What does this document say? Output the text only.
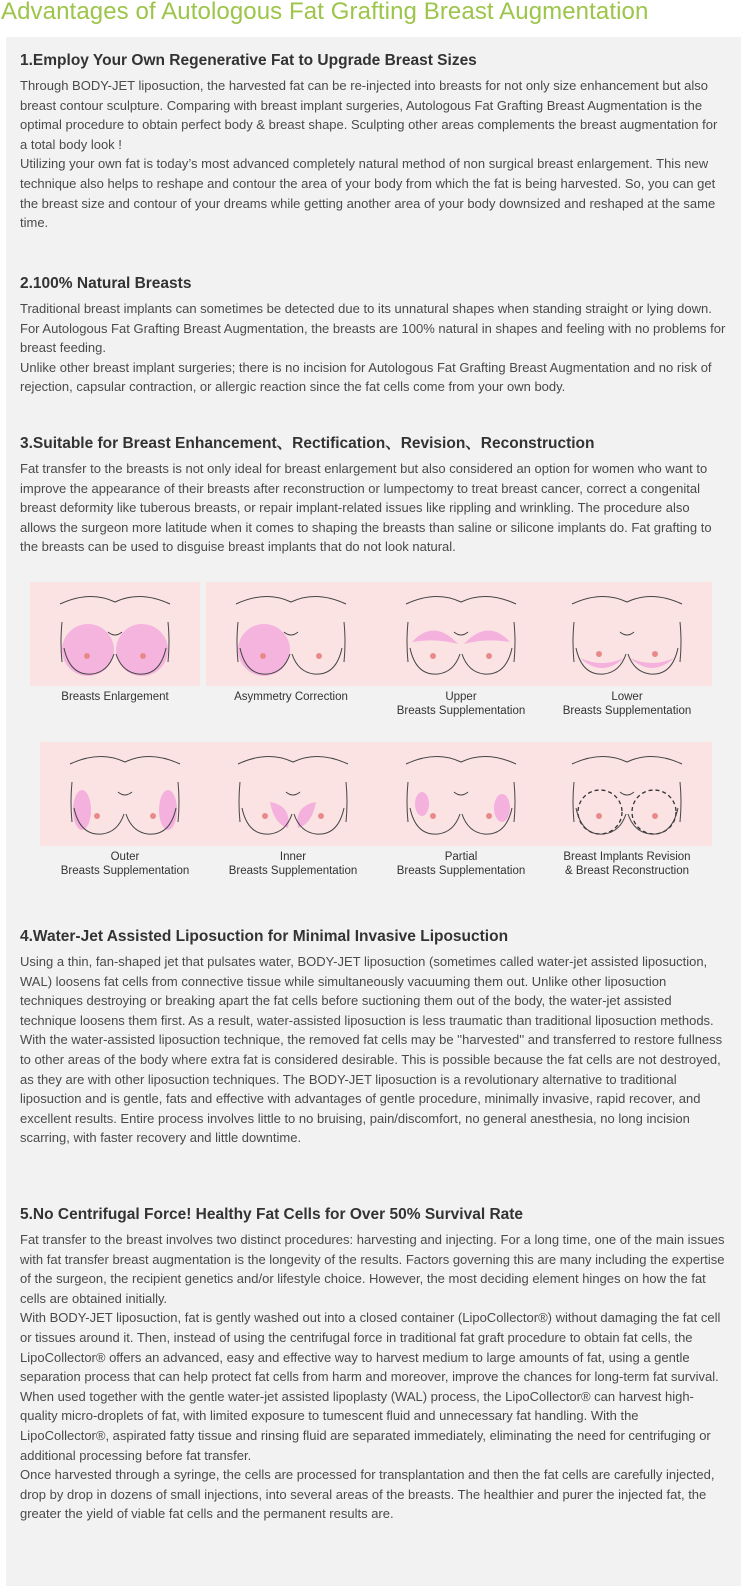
Advantages of Autologous Fat Grafting Breast Augmentation
1.Employ Your Own Regenerative Fat to Upgrade Breast Sizes

Through BODY-JET liposuction, the harvested fat can be re-injected into breasts for not only size enhancement but also breast contour sculpture. Comparing with breast implant surgeries, Autologous Fat Grafting Breast Augmentation is the optimal procedure to obtain perfect body & breast shape. Sculpting other areas complements the breast augmentation for a total body look !

Utilizing your own fat is today’s most advanced completely natural method of non surgical breast enlargement. This new technique also helps to reshape and contour the area of your body from which the fat is being harvested. So, you can get the breast size and contour of your dreams while getting another area of your body downsized and reshaped at the same time.

2.100% Natural Breasts

Traditional breast implants can sometimes be detected due to its unnatural shapes when standing straight or lying down. For Autologous Fat Grafting Breast Augmentation, the breasts are 100% natural in shapes and feeling with no problems for breast feeding.

Unlike other breast implant surgeries; there is no incision for Autologous Fat Grafting Breast Augmentation and no risk of rejection, capsular contraction, or allergic reaction since the fat cells come from your own body.

3.Suitable for Breast Enhancement、Rectification、Revision、Reconstruction

Fat transfer to the breasts is not only ideal for breast enlargement but also considered an option for women who want to improve the appearance of their breasts after reconstruction or lumpectomy to treat breast cancer, correct a congenital breast deformity like tuberous breasts, or repair implant-related issues like rippling and wrinkling. The procedure also allows the surgeon more latitude when it comes to shaping the breasts than saline or silicone implants do. Fat grafting to the breasts can be used to disguise breast implants that do not look natural.

Breasts Enlargement	Asymmetry Correction	Upper
Breasts Supplementation
Lower
Breasts Supplementation
Outer
Breasts Supplementation
Inner
Breasts Supplementation
Partial
Breasts Supplementation
Breast Implants Revision
& Breast Reconstruction
4.Water-Jet Assisted Liposuction for Minimal Invasive Liposuction

Using a thin, fan-shaped jet that pulsates water, BODY-JET liposuction (sometimes called water-jet assisted liposuction, WAL) loosens fat cells from connective tissue while simultaneously vacuuming them out. Unlike other liposuction techniques destroying or breaking apart the fat cells before suctioning them out of the body, the water-jet assisted technique loosens them first. As a result, water-assisted liposuction is less traumatic than traditional liposuction methods.

With the water-assisted liposuction technique, the removed fat cells may be ''harvested'' and transferred to restore fullness to other areas of the body where extra fat is considered desirable. This is possible because the fat cells are not destroyed, as they are with other liposuction techniques. The BODY-JET liposuction is a revolutionary alternative to traditional liposuction and is gentle, fats and effective with advantages of gentle procedure, minimally invasive, rapid recover, and excellent results. Entire process involves little to no bruising, pain/discomfort, no general anesthesia, no long incision scarring, with faster recovery and little downtime.

5.No Centrifugal Force! Healthy Fat Cells for Over 50% Survival Rate

Fat transfer to the breast involves two distinct procedures: harvesting and injecting. For a long time, one of the main issues with fat transfer breast augmentation is the longevity of the results. Factors governing this are many including the expertise of the surgeon, the recipient genetics and/or lifestyle choice. However, the most deciding element hinges on how the fat cells are obtained initially.

With BODY-JET liposuction, fat is gently washed out into a closed container (LipoCollector®) without damaging the fat cell or tissues around it. Then, instead of using the centrifugal force in traditional fat graft procedure to obtain fat cells, the LipoCollector® offers an advanced, easy and effective way to harvest medium to large amounts of fat, using a gentle separation process that can help protect fat cells from harm and moreover, improve the chances for long-term fat survival.

When used together with the gentle water-jet assisted lipoplasty (WAL) process, the LipoCollector® can harvest high- quality micro-droplets of fat, with limited exposure to tumescent fluid and unnecessary fat handling. With the LipoCollector®, aspirated fatty tissue and rinsing fluid are separated immediately, eliminating the need for centrifuging or additional processing before fat transfer.

Once harvested through a syringe, the cells are processed for transplantation and then the fat cells are carefully injected, drop by drop in dozens of small injections, into several areas of the breasts. The healthier and purer the injected fat, the greater the yield of viable fat cells and the permanent results are.
